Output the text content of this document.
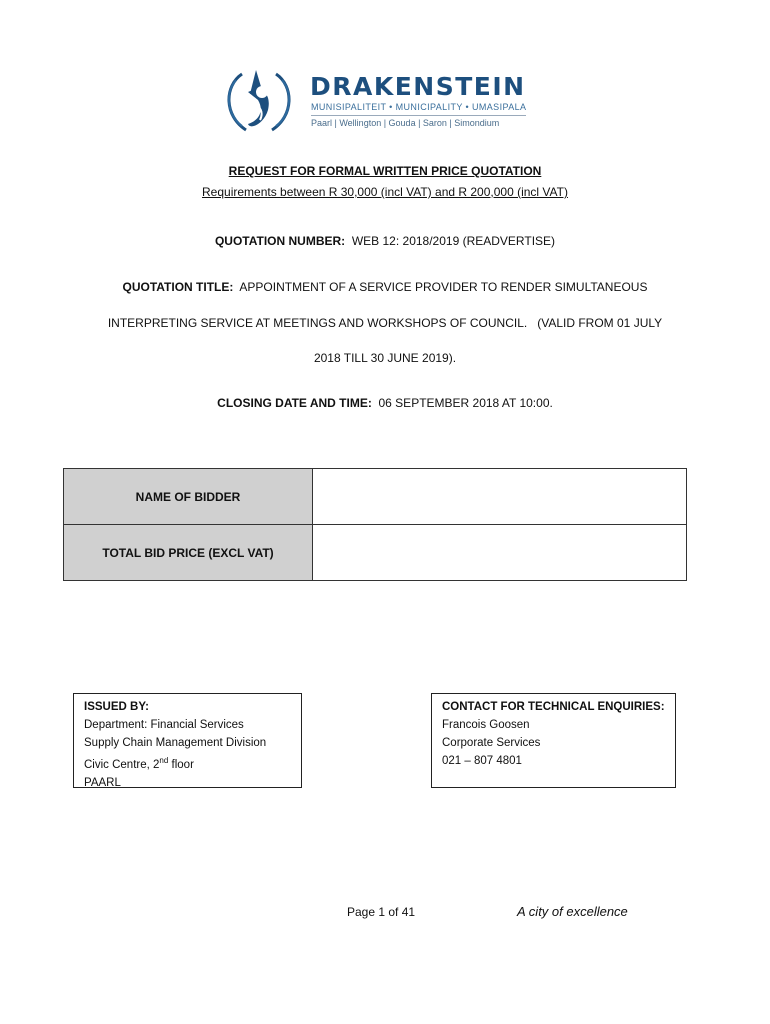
DRAKENSTEIN
MUNISIPALITEIT • MUNICIPALITY • UMASIPALA
Paarl | Wellington | Gouda | Saron | Simondium
REQUEST FOR FORMAL WRITTEN PRICE QUOTATION
Requirements between R 30,000 (incl VAT) and R 200,000 (incl VAT)
QUOTATION NUMBER: WEB 12: 2018/2019 (READVERTISE)
QUOTATION TITLE: APPOINTMENT OF A SERVICE PROVIDER TO RENDER SIMULTANEOUS
INTERPRETING SERVICE AT MEETINGS AND WORKSHOPS OF COUNCIL.   (VALID FROM 01 JULY
2018 TILL 30 JUNE 2019).
CLOSING DATE AND TIME: 06 SEPTEMBER 2018 AT 10:00.
NAME OF BIDDER	
TOTAL BID PRICE (EXCL VAT)	
ISSUED BY:
Department: Financial Services
Supply Chain Management Division
Civic Centre, 2nd floor
PAARL
CONTACT FOR TECHNICAL ENQUIRIES:
Francois Goosen
Corporate Services
021 – 807 4801
Page 1 of 41	A city of excellence
